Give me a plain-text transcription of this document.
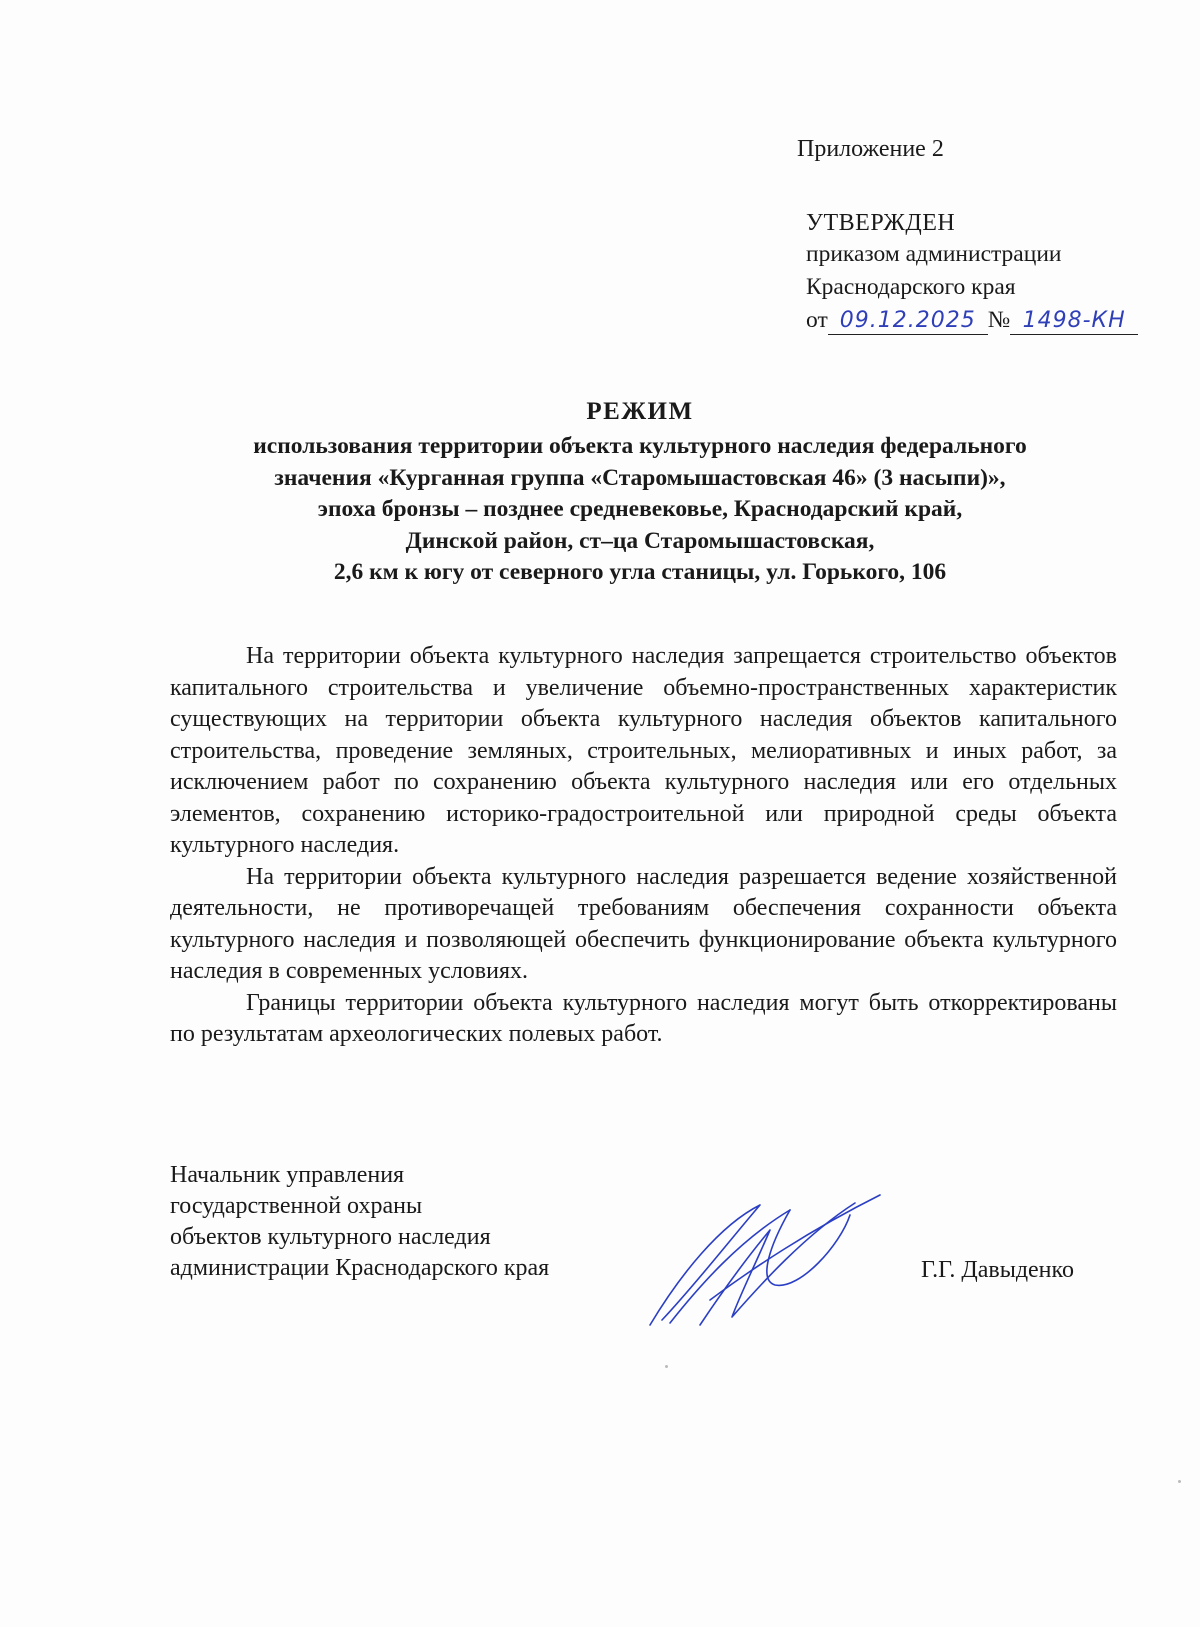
Приложение 2
УТВЕРЖДЕН
приказом администрации
Краснодарского края
от 09.12.2025 № 1498-КН
РЕЖИМ
использования территории объекта культурного наследия федерального
значения «Курганная группа «Старомышастовская 46» (3 насыпи)»,
эпоха бронзы – позднее средневековье, Краснодарский край,
Динской район, ст–ца Старомышастовская,
2,6 км к югу от северного угла станицы, ул. Горького, 106

На территории объекта культурного наследия запрещается строительство объектов капитального строительства и увеличение объемно-пространственных характеристик существующих на территории объекта культурного наследия объектов капитального строительства, проведение земляных, строительных, мелиоративных и иных работ, за исключением работ по сохранению объекта культурного наследия или его отдельных элементов, сохранению историко-градостроительной или природной среды объекта культурного наследия.

На территории объекта культурного наследия разрешается ведение хозяйственной деятельности, не противоречащей требованиям обеспечения сохранности объекта культурного наследия и позволяющей обеспечить функционирование объекта культурного наследия в современных условиях.

Границы территории объекта культурного наследия могут быть откорректированы по результатам археологических полевых работ.

Начальник управления
государственной охраны
объектов культурного наследия
администрации Краснодарского края	Г.Г. Давыденко
